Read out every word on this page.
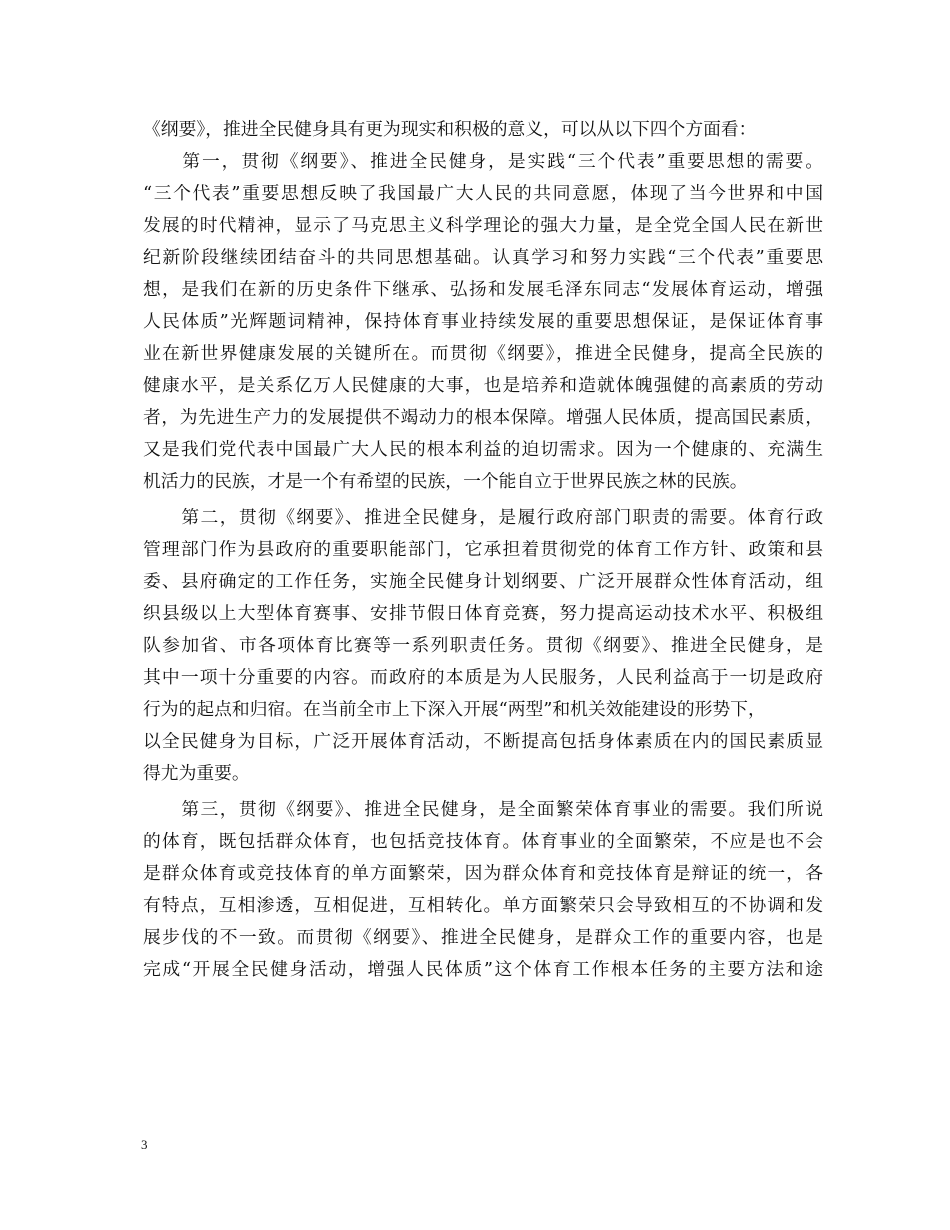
《纲要》，推进全民健身具有更为现实和积极的意义，可以从以下四个方面看：
　　第一，贯彻《纲要》、推进全民健身，是实践“三个代表”重要思想的需要。
“三个代表”重要思想反映了我国最广大人民的共同意愿，体现了当今世界和中国
发展的时代精神，显示了马克思主义科学理论的强大力量，是全党全国人民在新世
纪新阶段继续团结奋斗的共同思想基础。认真学习和努力实践“三个代表”重要思
想，是我们在新的历史条件下继承、弘扬和发展毛泽东同志“发展体育运动，增强
人民体质”光辉题词精神，保持体育事业持续发展的重要思想保证，是保证体育事
业在新世界健康发展的关键所在。而贯彻《纲要》，推进全民健身，提高全民族的
健康水平，是关系亿万人民健康的大事，也是培养和造就体魄强健的高素质的劳动
者，为先进生产力的发展提供不竭动力的根本保障。增强人民体质，提高国民素质，
又是我们党代表中国最广大人民的根本利益的迫切需求。因为一个健康的、充满生
机活力的民族，才是一个有希望的民族，一个能自立于世界民族之林的民族。
　　第二，贯彻《纲要》、推进全民健身，是履行政府部门职责的需要。体育行政
管理部门作为县政府的重要职能部门，它承担着贯彻党的体育工作方针、政策和县
委、县府确定的工作任务，实施全民健身计划纲要、广泛开展群众性体育活动，组
织县级以上大型体育赛事、安排节假日体育竞赛，努力提高运动技术水平、积极组
队参加省、市各项体育比赛等一系列职责任务。贯彻《纲要》、推进全民健身，是
其中一项十分重要的内容。而政府的本质是为人民服务，人民利益高于一切是政府
行为的起点和归宿。在当前全市上下深入开展“两型”和机关效能建设的形势下，
以全民健身为目标，广泛开展体育活动，不断提高包括身体素质在内的国民素质显
得尤为重要。
　　第三，贯彻《纲要》、推进全民健身，是全面繁荣体育事业的需要。我们所说
的体育，既包括群众体育，也包括竞技体育。体育事业的全面繁荣，不应是也不会
是群众体育或竞技体育的单方面繁荣，因为群众体育和竞技体育是辩证的统一，各
有特点，互相渗透，互相促进，互相转化。单方面繁荣只会导致相互的不协调和发
展步伐的不一致。而贯彻《纲要》、推进全民健身，是群众工作的重要内容，也是
完成“开展全民健身活动，增强人民体质”这个体育工作根本任务的主要方法和途
3
